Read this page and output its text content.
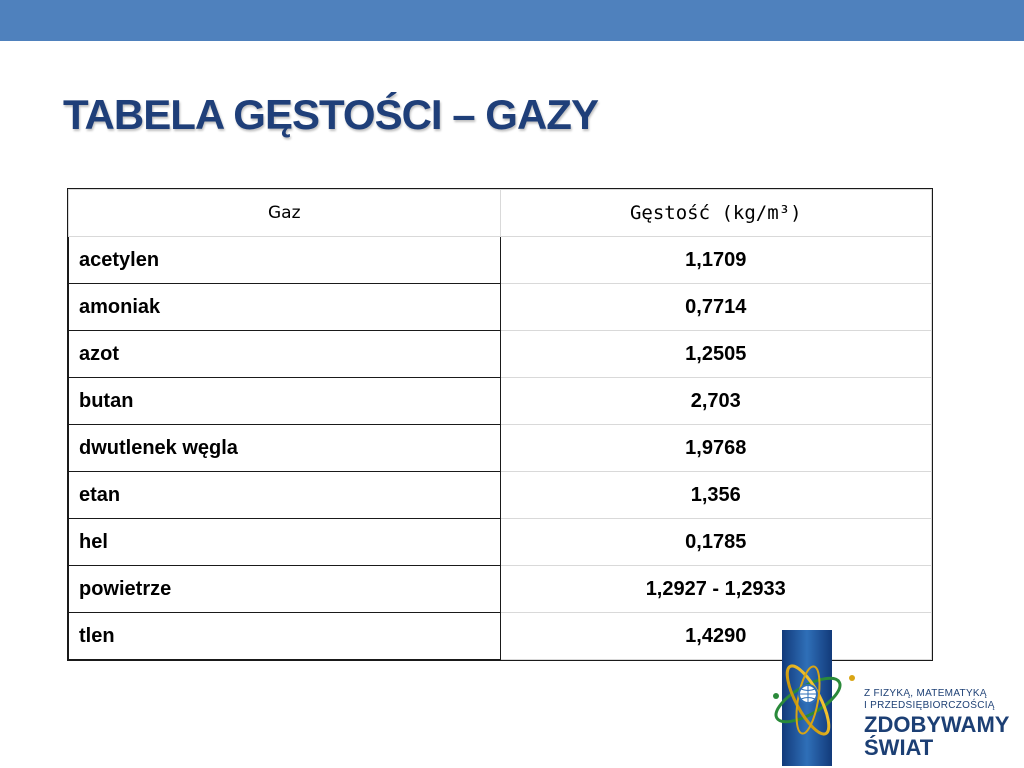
TABELA GĘSTOŚCI – GAZY
Gaz	Gęstość (kg/m³)
acetylen	1,1709
amoniak	0,7714
azot	1,2505
butan	2,703
dwutlenek węgla	1,9768
etan	1,356
hel	0,1785
powietrze	1,2927 - 1,2933
tlen	1,4290
Z FIZYKĄ, MATEMATYKĄ
I PRZEDSIĘBIORCZOŚCIĄ
ZDOBYWAMY
ŚWIAT
